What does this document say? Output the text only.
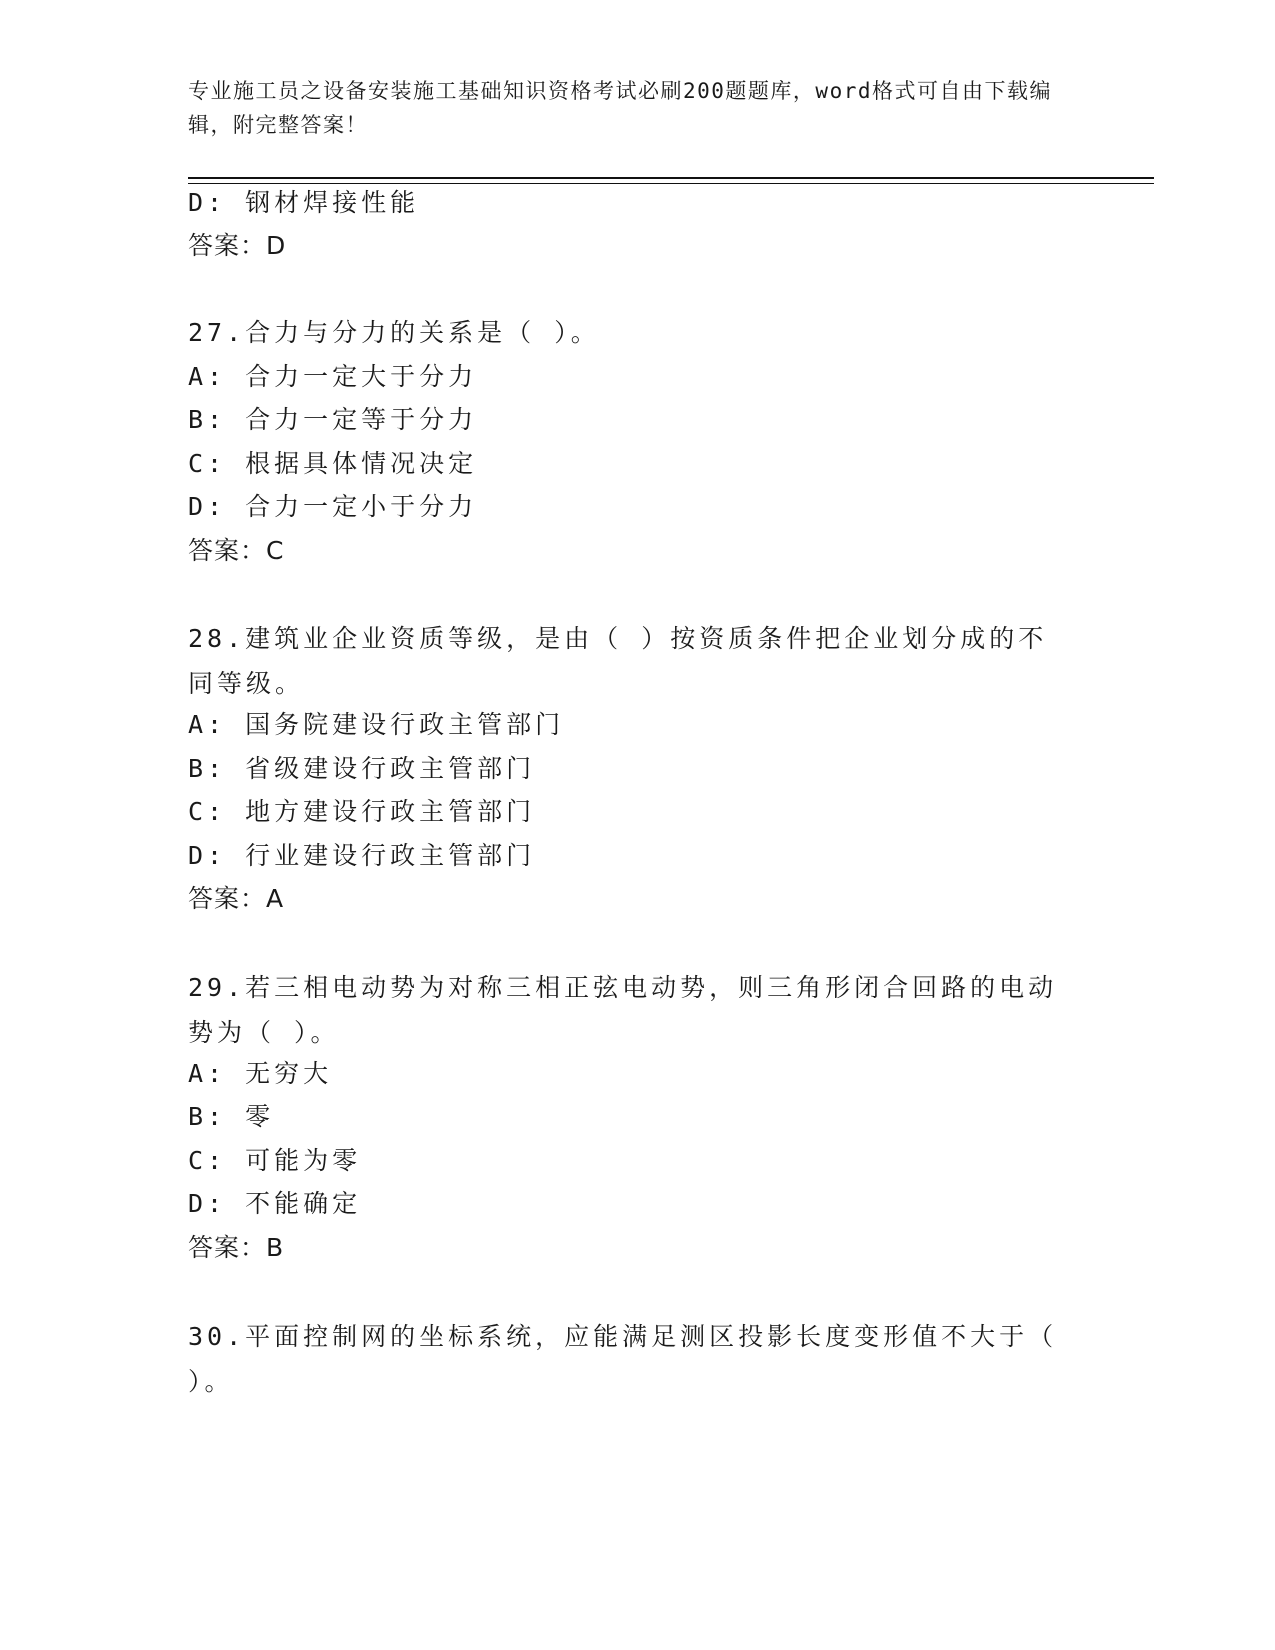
专业施工员之设备安装施工基础知识资格考试必刷200题题库，word格式可自由下载编辑，附完整答案！
D: 钢材焊接性能
答案：D
27.合力与分力的关系是（ ）。
A: 合力一定大于分力
B: 合力一定等于分力
C: 根据具体情况决定
D: 合力一定小于分力
答案：C
28.建筑业企业资质等级，是由（ ）按资质条件把企业划分成的不同等级。
A: 国务院建设行政主管部门
B: 省级建设行政主管部门
C: 地方建设行政主管部门
D: 行业建设行政主管部门
答案：A
29.若三相电动势为对称三相正弦电动势，则三角形闭合回路的电动势为（ ）。
A: 无穷大
B: 零
C: 可能为零
D: 不能确定
答案：B
30.平面控制网的坐标系统，应能满足测区投影长度变形值不大于（ ）。
